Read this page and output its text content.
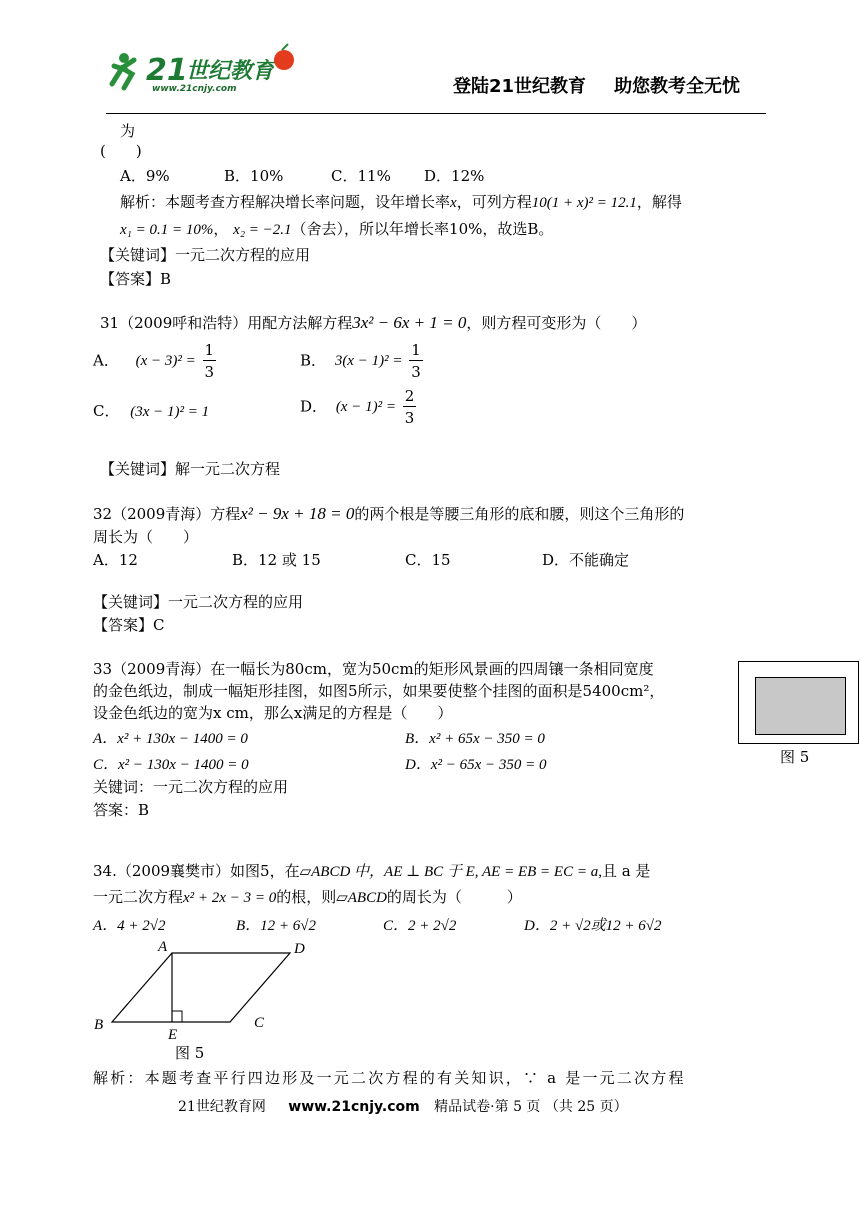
21
世纪教育
www.21cnjy.com	登陆21世纪教育 助您教考全无忧
为
(　　)
A．9%	B．10%	C．11% D．12%
解析：本题考查方程解决增长率问题，设年增长率x，可列方程10(1 + x)² = 12.1，解得
x₁ = 0.1 = 10%， x₂ = −2.1（舍去），所以年增长率10%，故选B。
【关键词】一元二次方程的应用
【答案】B
31（2009呼和浩特）用配方法解方程3x² − 6x + 1 = 0，则方程可变形为（　　）
A． $(x - 3)^2 = \frac{1}{3}$	B． $3(x - 1)^2 = \frac{1}{3}$
C． (3x − 1)² = 1	D． $(x - 1)^2 = \frac{2}{3}$
【关键词】解一元二次方程
32（2009青海）方程x² − 9x + 18 = 0的两个根是等腰三角形的底和腰，则这个三角形的
周长为（　　）
A．12	B．12 或 15	C．15	D．不能确定
【关键词】一元二次方程的应用
【答案】C
33（2009青海）在一幅长为80cm，宽为50cm的矩形风景画的四周镶一条相同宽度
的金色纸边，制成一幅矩形挂图，如图5所示，如果要使整个挂图的面积是5400cm²，
设金色纸边的宽为x cm，那么x满足的方程是（　　）
A．x² + 130x − 1400 = 0	B．x² + 65x − 350 = 0
C．x² − 130x − 1400 = 0	D．x² − 65x − 350 = 0
关键词：一元二次方程的应用
答案：B
图 5
34.（2009襄樊市）如图5，在▱ABCD 中，AE ⊥ BC 于 E, AE = EB = EC = a,且 a 是
一元二次方程x² + 2x − 3 = 0的根，则▱ABCD的周长为（　　　）
A．4 + 2√2	B．12 + 6√2	C．2 + 2√2	D．2 + √2或12 + 6√2
A	D
B	C
E
图 5
解析：本题考查平行四边形及一元二次方程的有关知识，∵ a 是一元二次方程
21世纪教育网 www.21cnjy.com 精品试卷·第 5 页 （共 25 页）
